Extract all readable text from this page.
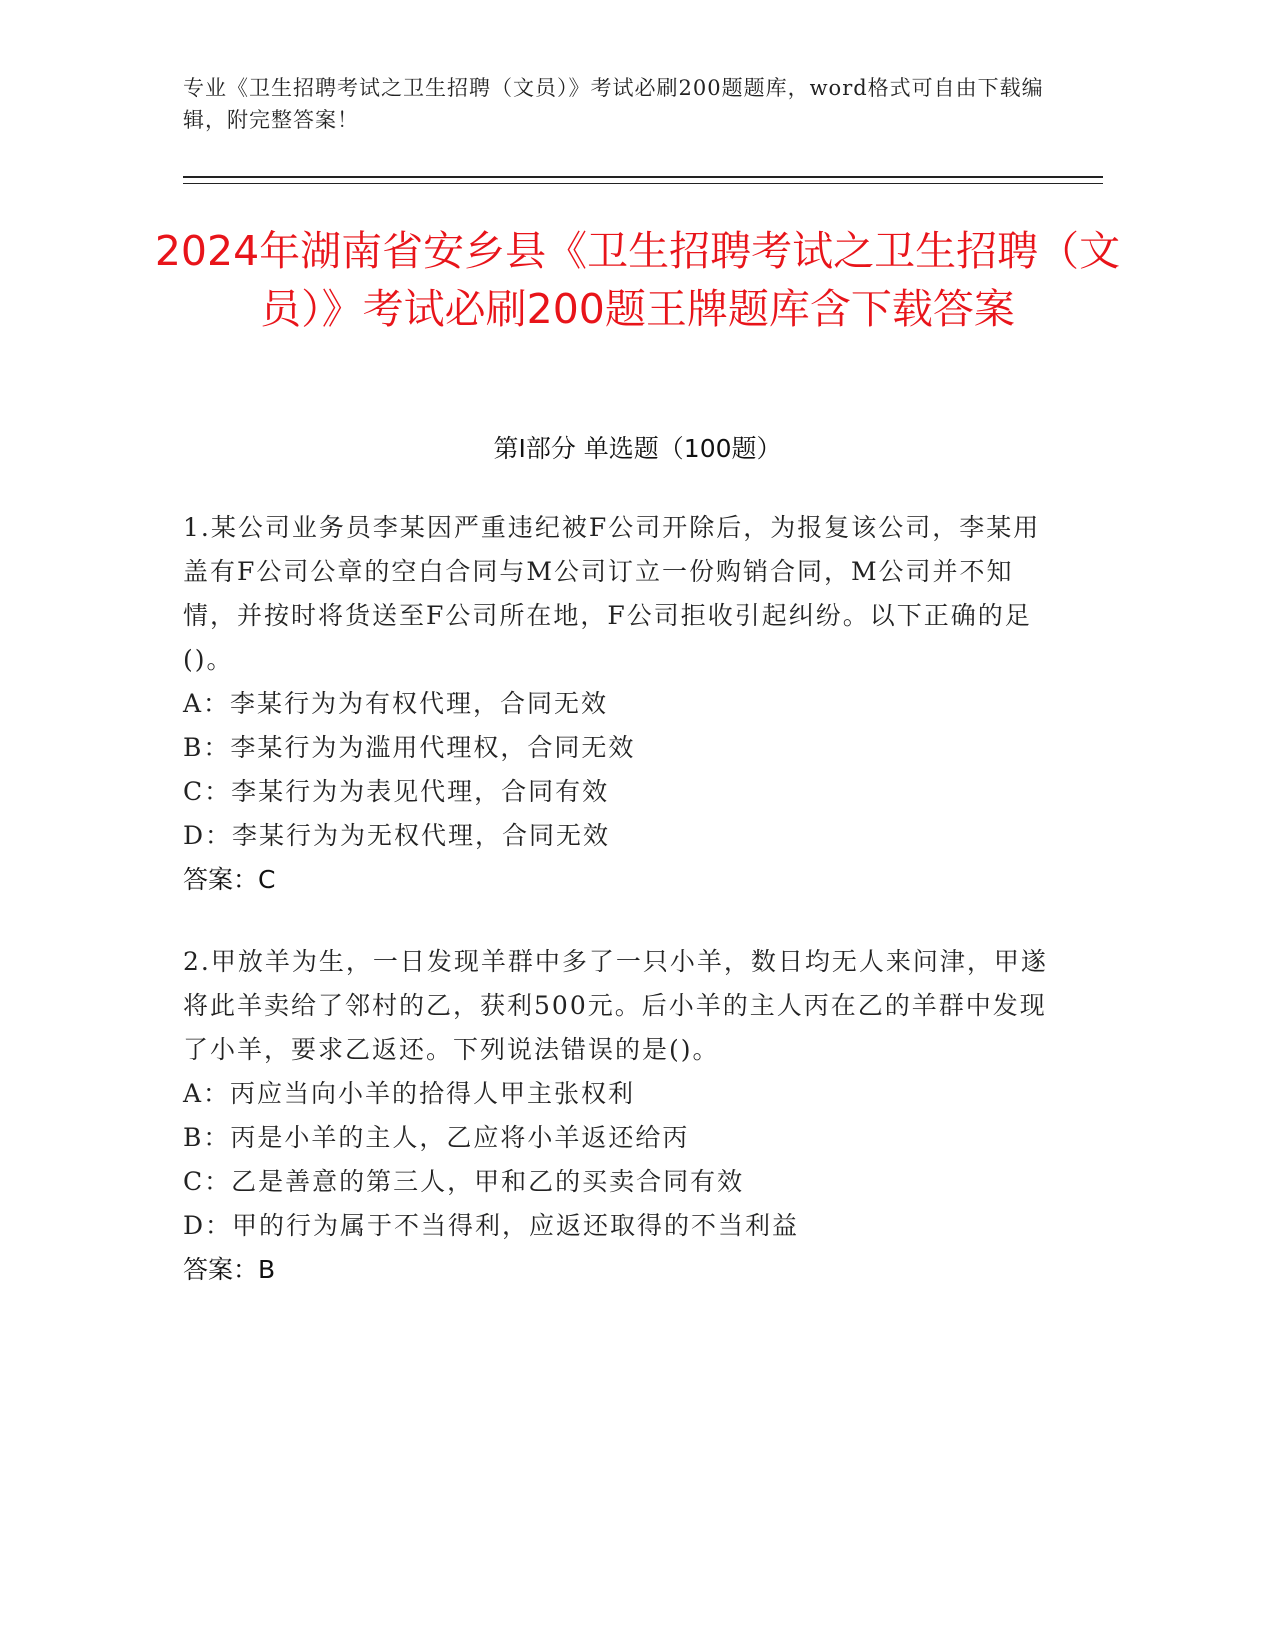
专业《卫生招聘考试之卫生招聘（文员）》考试必刷200题题库，word格式可自由下载编辑，附完整答案！
2024年湖南省安乡县《卫生招聘考试之卫生招聘（文员）》考试必刷200题王牌题库含下载答案
第Ⅰ部分 单选题（100题）

1.某公司业务员李某因严重违纪被F公司开除后，为报复该公司，李某用盖有F公司公章的空白合同与M公司订立一份购销合同，M公司并不知情，并按时将货送至F公司所在地，F公司拒收引起纠纷。以下正确的足()。

A：李某行为为有权代理，合同无效

B：李某行为为滥用代理权，合同无效

C：李某行为为表见代理，合同有效

D：李某行为为无权代理，合同无效

答案：C

2.甲放羊为生，一日发现羊群中多了一只小羊，数日均无人来问津，甲遂将此羊卖给了邻村的乙，获利500元。后小羊的主人丙在乙的羊群中发现了小羊，要求乙返还。下列说法错误的是()。

A：丙应当向小羊的拾得人甲主张权利

B：丙是小羊的主人，乙应将小羊返还给丙

C：乙是善意的第三人，甲和乙的买卖合同有效

D：甲的行为属于不当得利，应返还取得的不当利益

答案：B
